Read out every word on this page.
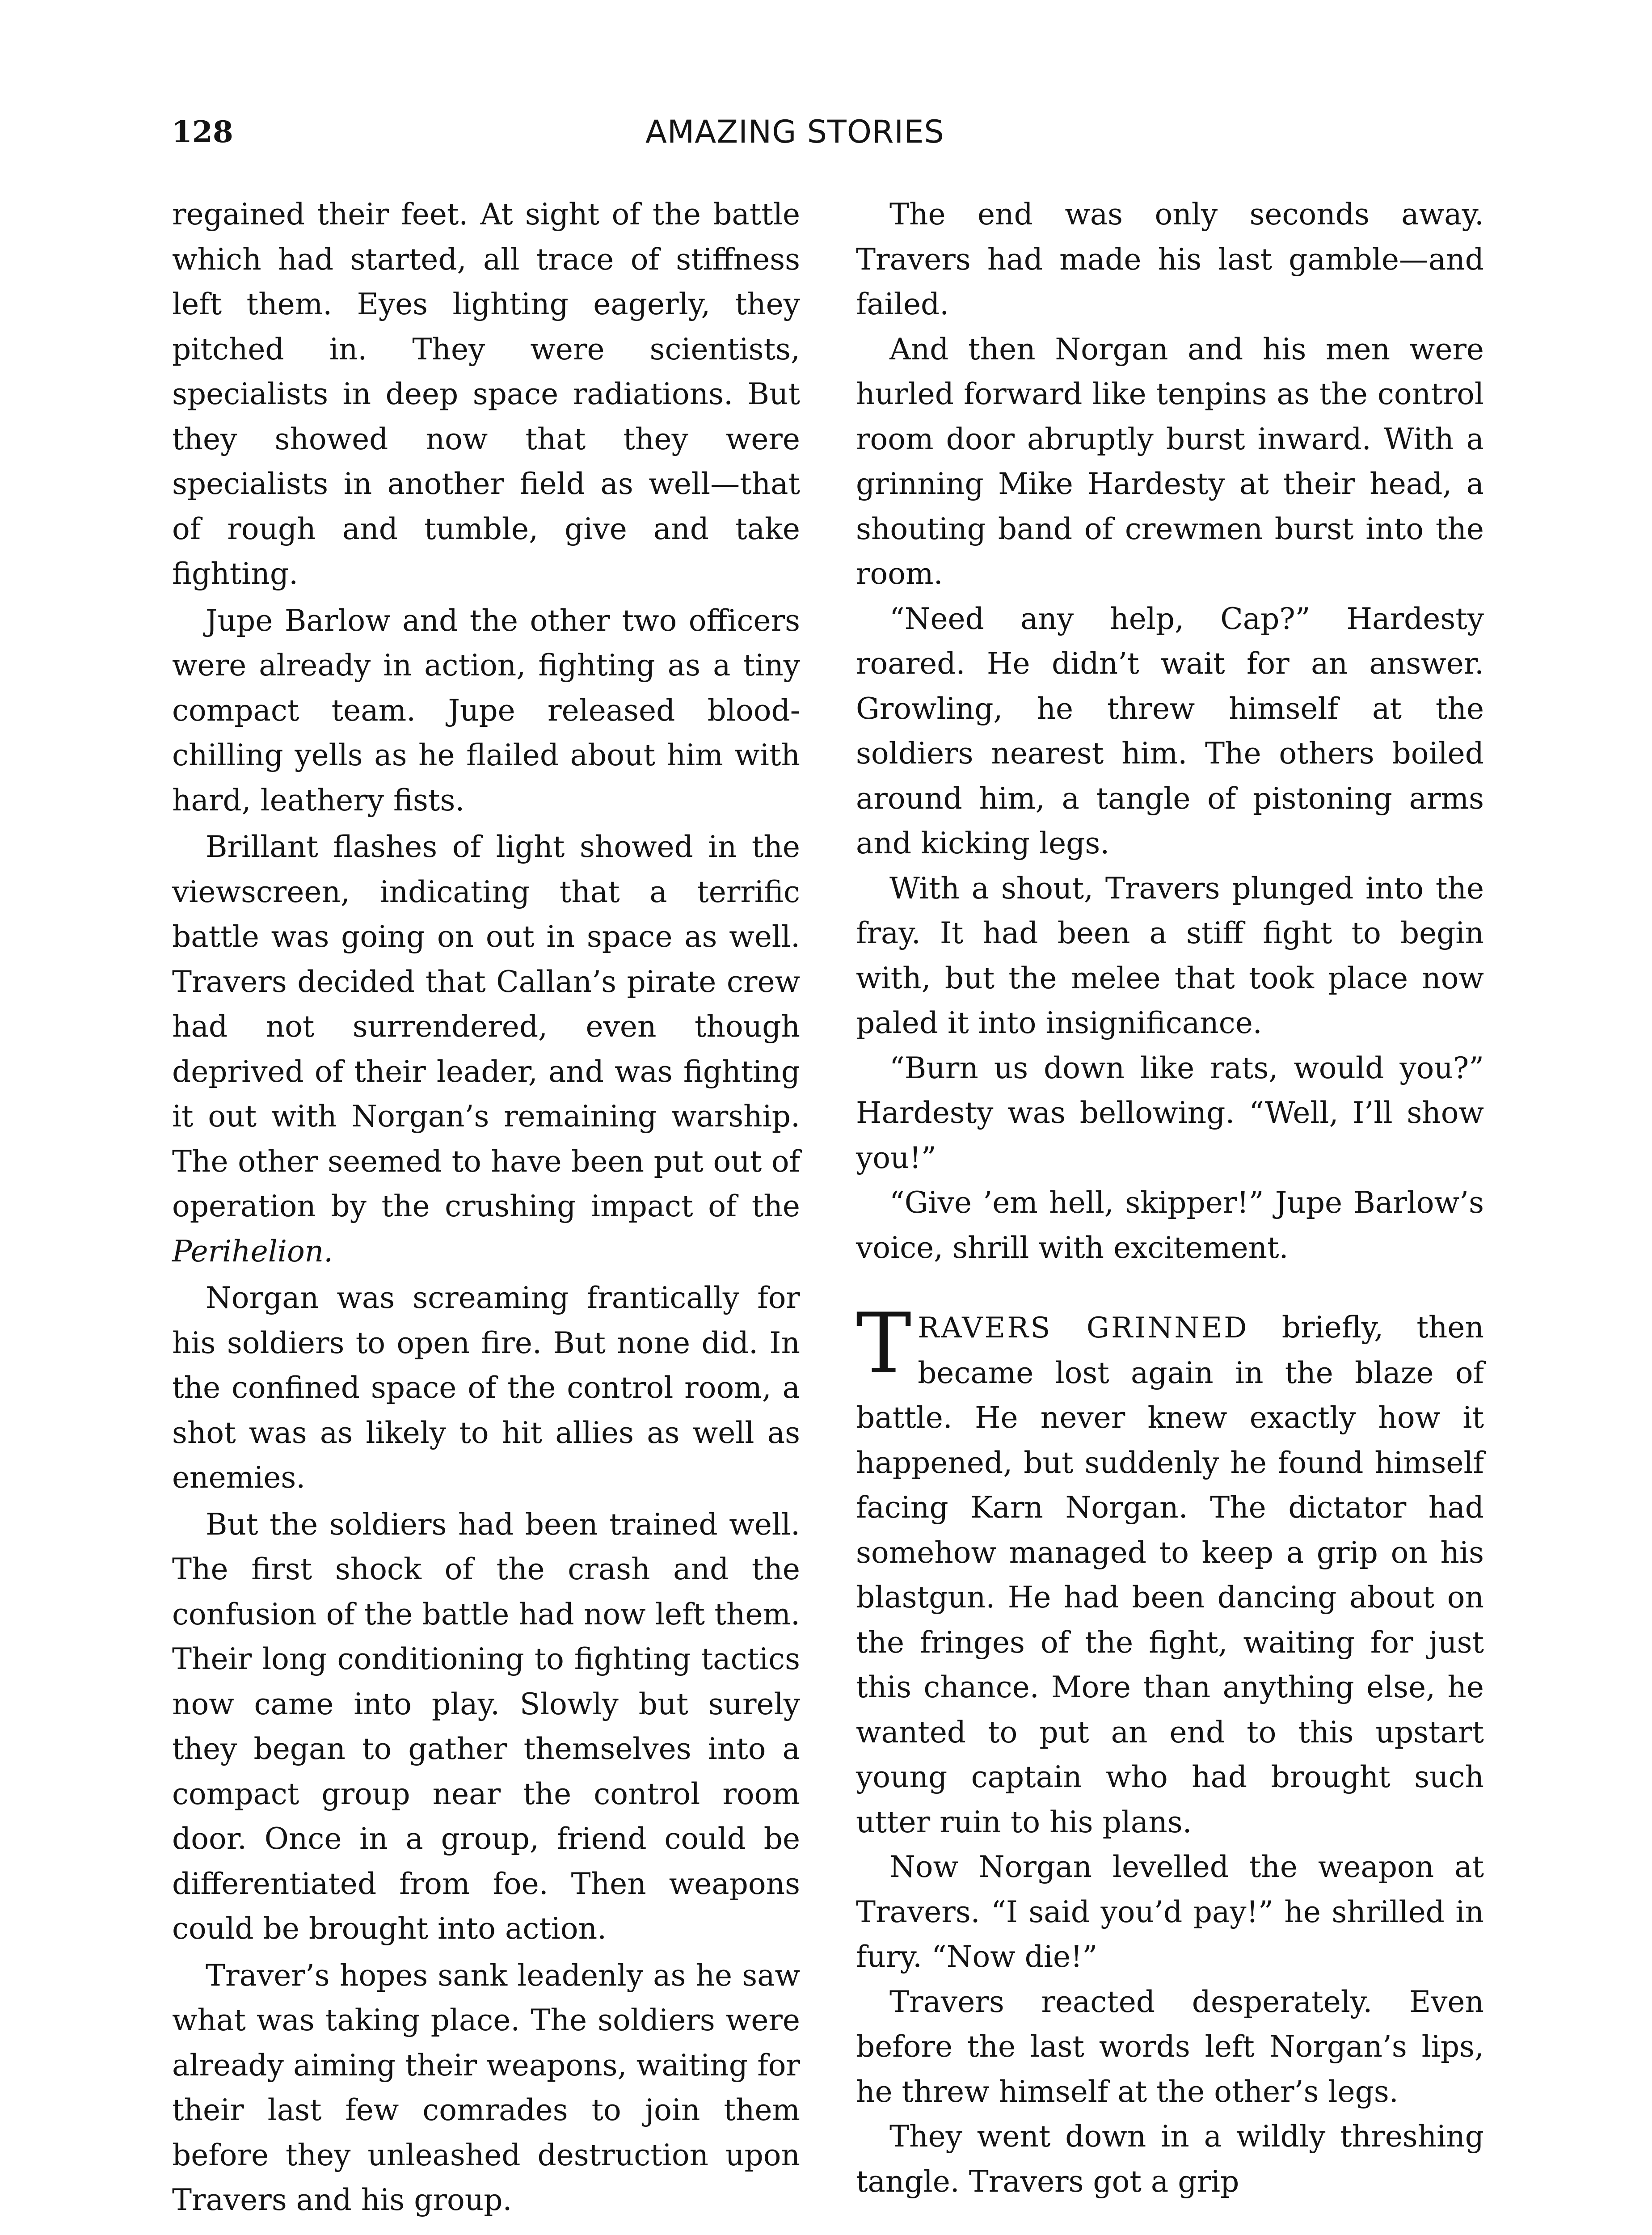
128	AMAZING STORIES

regained their feet. At sight of the battle which had started, all trace of stiffness left them. Eyes lighting eagerly, they pitched in. They were scientists, specialists in deep space radiations. But they showed now that they were specialists in another field as well—that of rough and tumble, give and take fighting.

Jupe Barlow and the other two officers were already in action, fighting as a tiny compact team. Jupe released blood-chilling yells as he flailed about him with hard, leathery fists.

Brillant flashes of light showed in the viewscreen, indicating that a terrific battle was going on out in space as well. Travers decided that Callan’s pirate crew had not surrendered, even though deprived of their leader, and was fighting it out with Norgan’s remaining warship. The other seemed to have been put out of operation by the crushing impact of the Perihelion.

Norgan was screaming frantically for his soldiers to open fire. But none did. In the confined space of the control room, a shot was as likely to hit allies as well as enemies.

But the soldiers had been trained well. The first shock of the crash and the confusion of the battle had now left them. Their long conditioning to fighting tactics now came into play. Slowly but surely they began to gather themselves into a compact group near the control room door. Once in a group, friend could be differentiated from foe. Then weapons could be brought into action.

Traver’s hopes sank leadenly as he saw what was taking place. The soldiers were already aiming their weapons, waiting for their last few comrades to join them before they unleashed destruction upon Travers and his group.

The end was only seconds away. Travers had made his last gamble—and failed.

And then Norgan and his men were hurled forward like tenpins as the control room door abruptly burst inward. With a grinning Mike Hardesty at their head, a shouting band of crewmen burst into the room.

“Need any help, Cap?” Hardesty roared. He didn’t wait for an answer. Growling, he threw himself at the soldiers nearest him. The others boiled around him, a tangle of pistoning arms and kicking legs.

With a shout, Travers plunged into the fray. It had been a stiff fight to begin with, but the melee that took place now paled it into insignificance.

“Burn us down like rats, would you?” Hardesty was bellowing. “Well, I’ll show you!”

“Give ’em hell, skipper!” Jupe Barlow’s voice, shrill with excitement.

TRAVERS GRINNED briefly, then became lost again in the blaze of battle. He never knew exactly how it happened, but suddenly he found himself facing Karn Norgan. The dictator had somehow managed to keep a grip on his blastgun. He had been dancing about on the fringes of the fight, waiting for just this chance. More than anything else, he wanted to put an end to this upstart young captain who had brought such utter ruin to his plans.

Now Norgan levelled the weapon at Travers. “I said you’d pay!” he shrilled in fury. “Now die!”

Travers reacted desperately. Even before the last words left Norgan’s lips, he threw himself at the other’s legs.

They went down in a wildly threshing tangle. Travers got a grip
